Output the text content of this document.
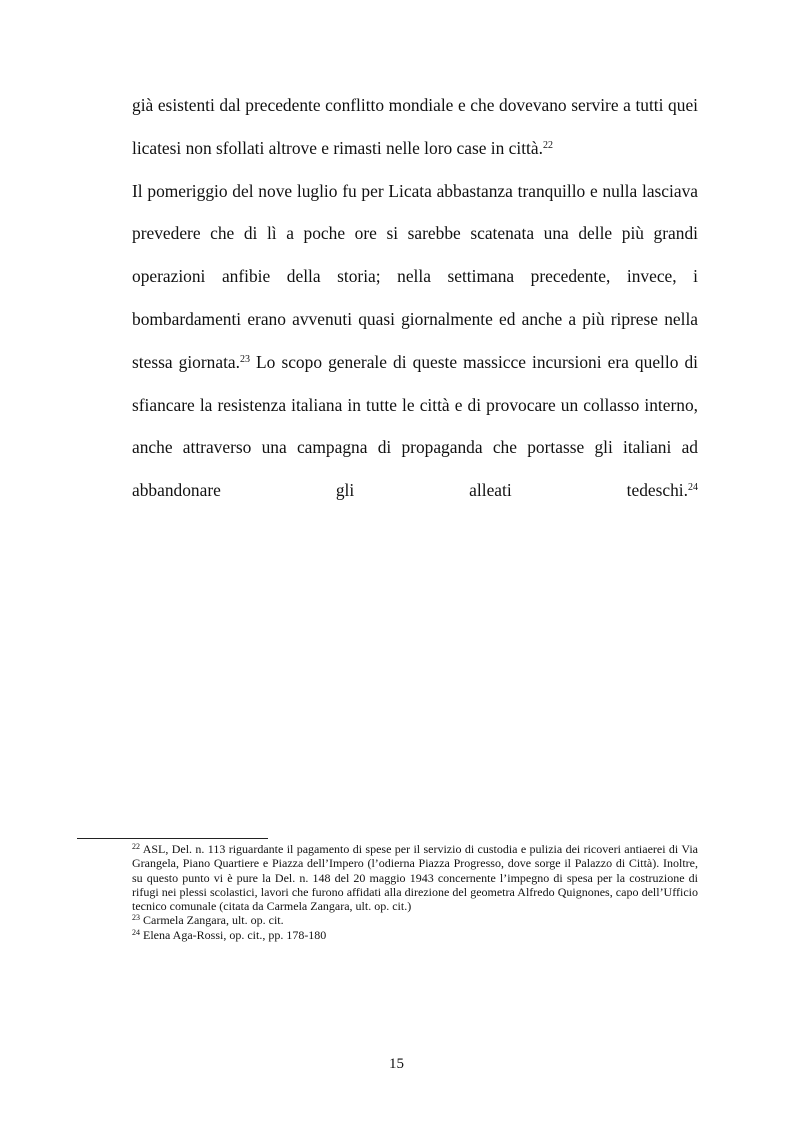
già esistenti dal precedente conflitto mondiale e che dovevano servire a tutti quei licatesi non sfollati altrove e rimasti nelle loro case in città.$^{22}$

Il pomeriggio del nove luglio fu per Licata abbastanza tranquillo e nulla lasciava prevedere che di lì a poche ore si sarebbe scatenata una delle più grandi operazioni anfibie della storia; nella settimana precedente, invece, i bombardamenti erano avvenuti quasi giornalmente ed anche a più riprese nella stessa giornata.$^{23}$ Lo scopo generale di queste massicce incursioni era quello di sfiancare la resistenza italiana in tutte le città e di provocare un collasso interno, anche attraverso una campagna di propaganda che portasse gli italiani ad abbandonare gli alleati tedeschi.$^{24}$

$^{22}$ ASL, Del. n. 113 riguardante il pagamento di spese per il servizio di custodia e pulizia dei ricoveri antiaerei di Via Grangela, Piano Quartiere e Piazza dell’Impero (l’odierna Piazza Progresso, dove sorge il Palazzo di Città). Inoltre, su questo punto vi è pure la Del. n. 148 del 20 maggio 1943 concernente l’impegno di spesa per la costruzione di rifugi nei plessi scolastici, lavori che furono affidati alla direzione del geometra Alfredo Quignones, capo dell’Ufficio tecnico comunale (citata da Carmela Zangara, ult. op. cit.)

$^{23}$ Carmela Zangara, ult. op. cit.

$^{24}$ Elena Aga-Rossi, op. cit., pp. 178-180

15
